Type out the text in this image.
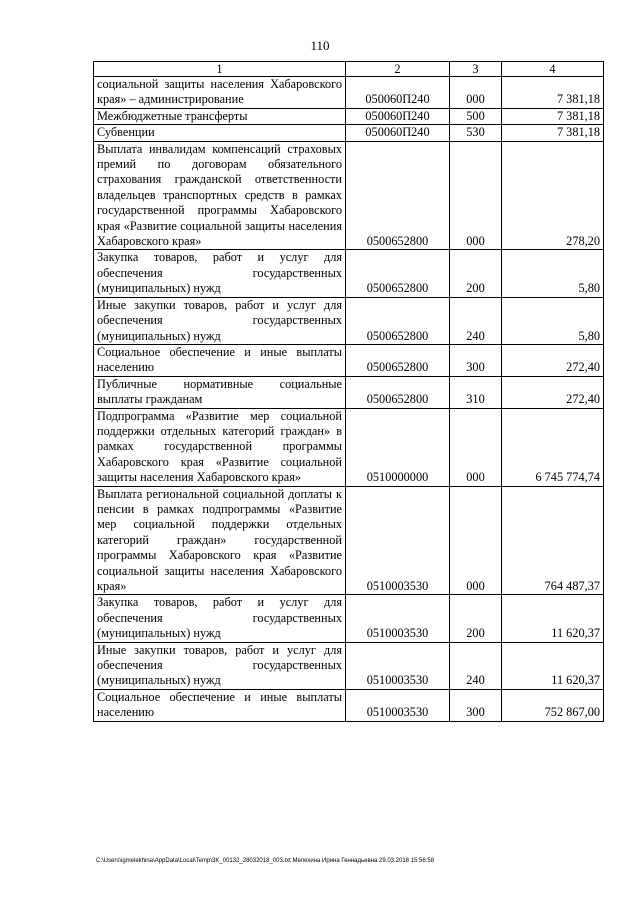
110
1	2	3	4
социальной защиты населения Хабаровского края» – администрирование	050060П240	000	7 381,18
Межбюджетные трансферты	050060П240	500	7 381,18
Субвенции	050060П240	530	7 381,18
Выплата инвалидам компенсаций страховых премий по договорам обязательного страхования гражданской ответственности владельцев транспортных средств в рамках государственной программы Хабаровского края «Развитие социальной защиты населения Хабаровского края»	0500652800	000	278,20
Закупка товаров, работ и услуг для обеспечения государственных (муниципальных) нужд	0500652800	200	5,80
Иные закупки товаров, работ и услуг для обеспечения государственных (муниципальных) нужд	0500652800	240	5,80
Социальное обеспечение и иные выплаты населению	0500652800	300	272,40
Публичные нормативные социальные выплаты гражданам	0500652800	310	272,40
Подпрограмма «Развитие мер социальной поддержки отдельных категорий граждан» в рамках государственной программы Хабаровского края «Развитие социальной защиты населения Хабаровского края»	0510000000	000	6 745 774,74
Выплата региональной социальной доплаты к пенсии в рамках подпрограммы «Развитие мер социальной поддержки отдельных категорий граждан» государственной программы Хабаровского края «Развитие социальной защиты населения Хабаровского края»	0510003530	000	764 487,37
Закупка товаров, работ и услуг для обеспечения государственных (муниципальных) нужд	0510003530	200	11 620,37
Иные закупки товаров, работ и услуг для обеспечения государственных (муниципальных) нужд	0510003530	240	11 620,37
Социальное обеспечение и иные выплаты населению	0510003530	300	752 867,00
C:\Users\igmelekhina\AppData\Local\Temp\3K_00132_28032018_003.txt Мелехина Ирина Геннадьевна 29.03.2018 15:56:58
